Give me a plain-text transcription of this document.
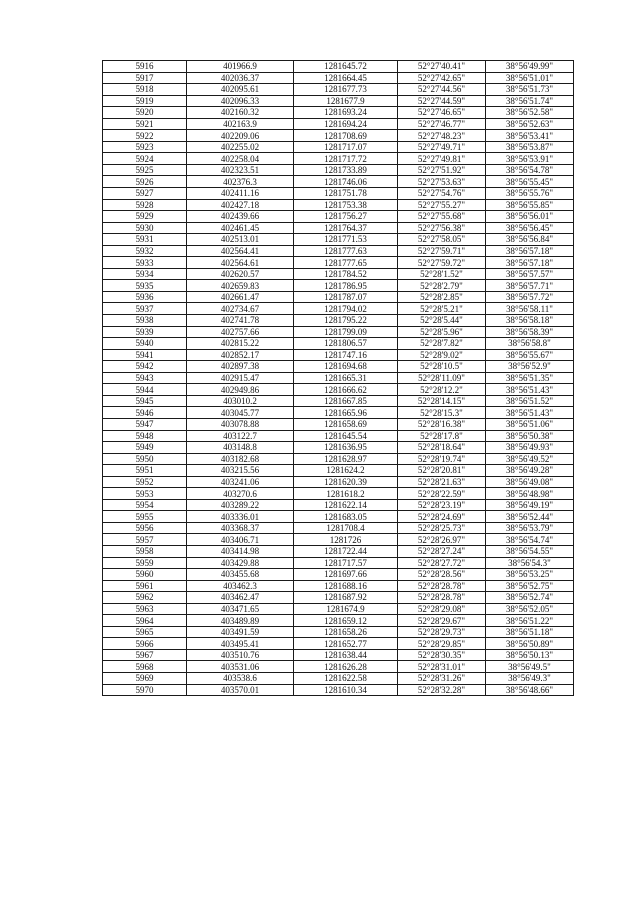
5916	401966.9	1281645.72	52°27'40.41"	38°56'49.99"
5917	402036.37	1281664.45	52°27'42.65"	38°56'51.01"
5918	402095.61	1281677.73	52°27'44.56"	38°56'51.73"
5919	402096.33	1281677.9	52°27'44.59"	38°56'51.74"
5920	402160.32	1281693.24	52°27'46.65"	38°56'52.58"
5921	402163.9	1281694.24	52°27'46.77"	38°56'52.63"
5922	402209.06	1281708.69	52°27'48.23"	38°56'53.41"
5923	402255.02	1281717.07	52°27'49.71"	38°56'53.87"
5924	402258.04	1281717.72	52°27'49.81"	38°56'53.91"
5925	402323.51	1281733.89	52°27'51.92"	38°56'54.78"
5926	402376.3	1281746.06	52°27'53.63"	38°56'55.45"
5927	402411.16	1281751.78	52°27'54.76"	38°56'55.76"
5928	402427.18	1281753.38	52°27'55.27"	38°56'55.85"
5929	402439.66	1281756.27	52°27'55.68"	38°56'56.01"
5930	402461.45	1281764.37	52°27'56.38"	38°56'56.45"
5931	402513.01	1281771.53	52°27'58.05"	38°56'56.84"
5932	402564.41	1281777.63	52°27'59.71"	38°56'57.18"
5933	402564.61	1281777.65	52°27'59.72"	38°56'57.18"
5934	402620.57	1281784.52	52°28'1.52"	38°56'57.57"
5935	402659.83	1281786.95	52°28'2.79"	38°56'57.71"
5936	402661.47	1281787.07	52°28'2.85"	38°56'57.72"
5937	402734.67	1281794.02	52°28'5.21"	38°56'58.11"
5938	402741.78	1281795.22	52°28'5.44"	38°56'58.18"
5939	402757.66	1281799.09	52°28'5.96"	38°56'58.39"
5940	402815.22	1281806.57	52°28'7.82"	38°56'58.8"
5941	402852.17	1281747.16	52°28'9.02"	38°56'55.67"
5942	402897.38	1281694.68	52°28'10.5"	38°56'52.9"
5943	402915.47	1281665.31	52°28'11.09"	38°56'51.35"
5944	402949.86	1281666.62	52°28'12.2"	38°56'51.43"
5945	403010.2	1281667.85	52°28'14.15"	38°56'51.52"
5946	403045.77	1281665.96	52°28'15.3"	38°56'51.43"
5947	403078.88	1281658.69	52°28'16.38"	38°56'51.06"
5948	403122.7	1281645.54	52°28'17.8"	38°56'50.38"
5949	403148.8	1281636.95	52°28'18.64"	38°56'49.93"
5950	403182.68	1281628.97	52°28'19.74"	38°56'49.52"
5951	403215.56	1281624.2	52°28'20.81"	38°56'49.28"
5952	403241.06	1281620.39	52°28'21.63"	38°56'49.08"
5953	403270.6	1281618.2	52°28'22.59"	38°56'48.98"
5954	403289.22	1281622.14	52°28'23.19"	38°56'49.19"
5955	403336.01	1281683.05	52°28'24.69"	38°56'52.44"
5956	403368.37	1281708.4	52°28'25.73"	38°56'53.79"
5957	403406.71	1281726	52°28'26.97"	38°56'54.74"
5958	403414.98	1281722.44	52°28'27.24"	38°56'54.55"
5959	403429.88	1281717.57	52°28'27.72"	38°56'54.3"
5960	403455.68	1281697.66	52°28'28.56"	38°56'53.25"
5961	403462.3	1281688.16	52°28'28.78"	38°56'52.75"
5962	403462.47	1281687.92	52°28'28.78"	38°56'52.74"
5963	403471.65	1281674.9	52°28'29.08"	38°56'52.05"
5964	403489.89	1281659.12	52°28'29.67"	38°56'51.22"
5965	403491.59	1281658.26	52°28'29.73"	38°56'51.18"
5966	403495.41	1281652.77	52°28'29.85"	38°56'50.89"
5967	403510.76	1281638.44	52°28'30.35"	38°56'50.13"
5968	403531.06	1281626.28	52°28'31.01"	38°56'49.5"
5969	403538.6	1281622.58	52°28'31.26"	38°56'49.3"
5970	403570.01	1281610.34	52°28'32.28"	38°56'48.66"
